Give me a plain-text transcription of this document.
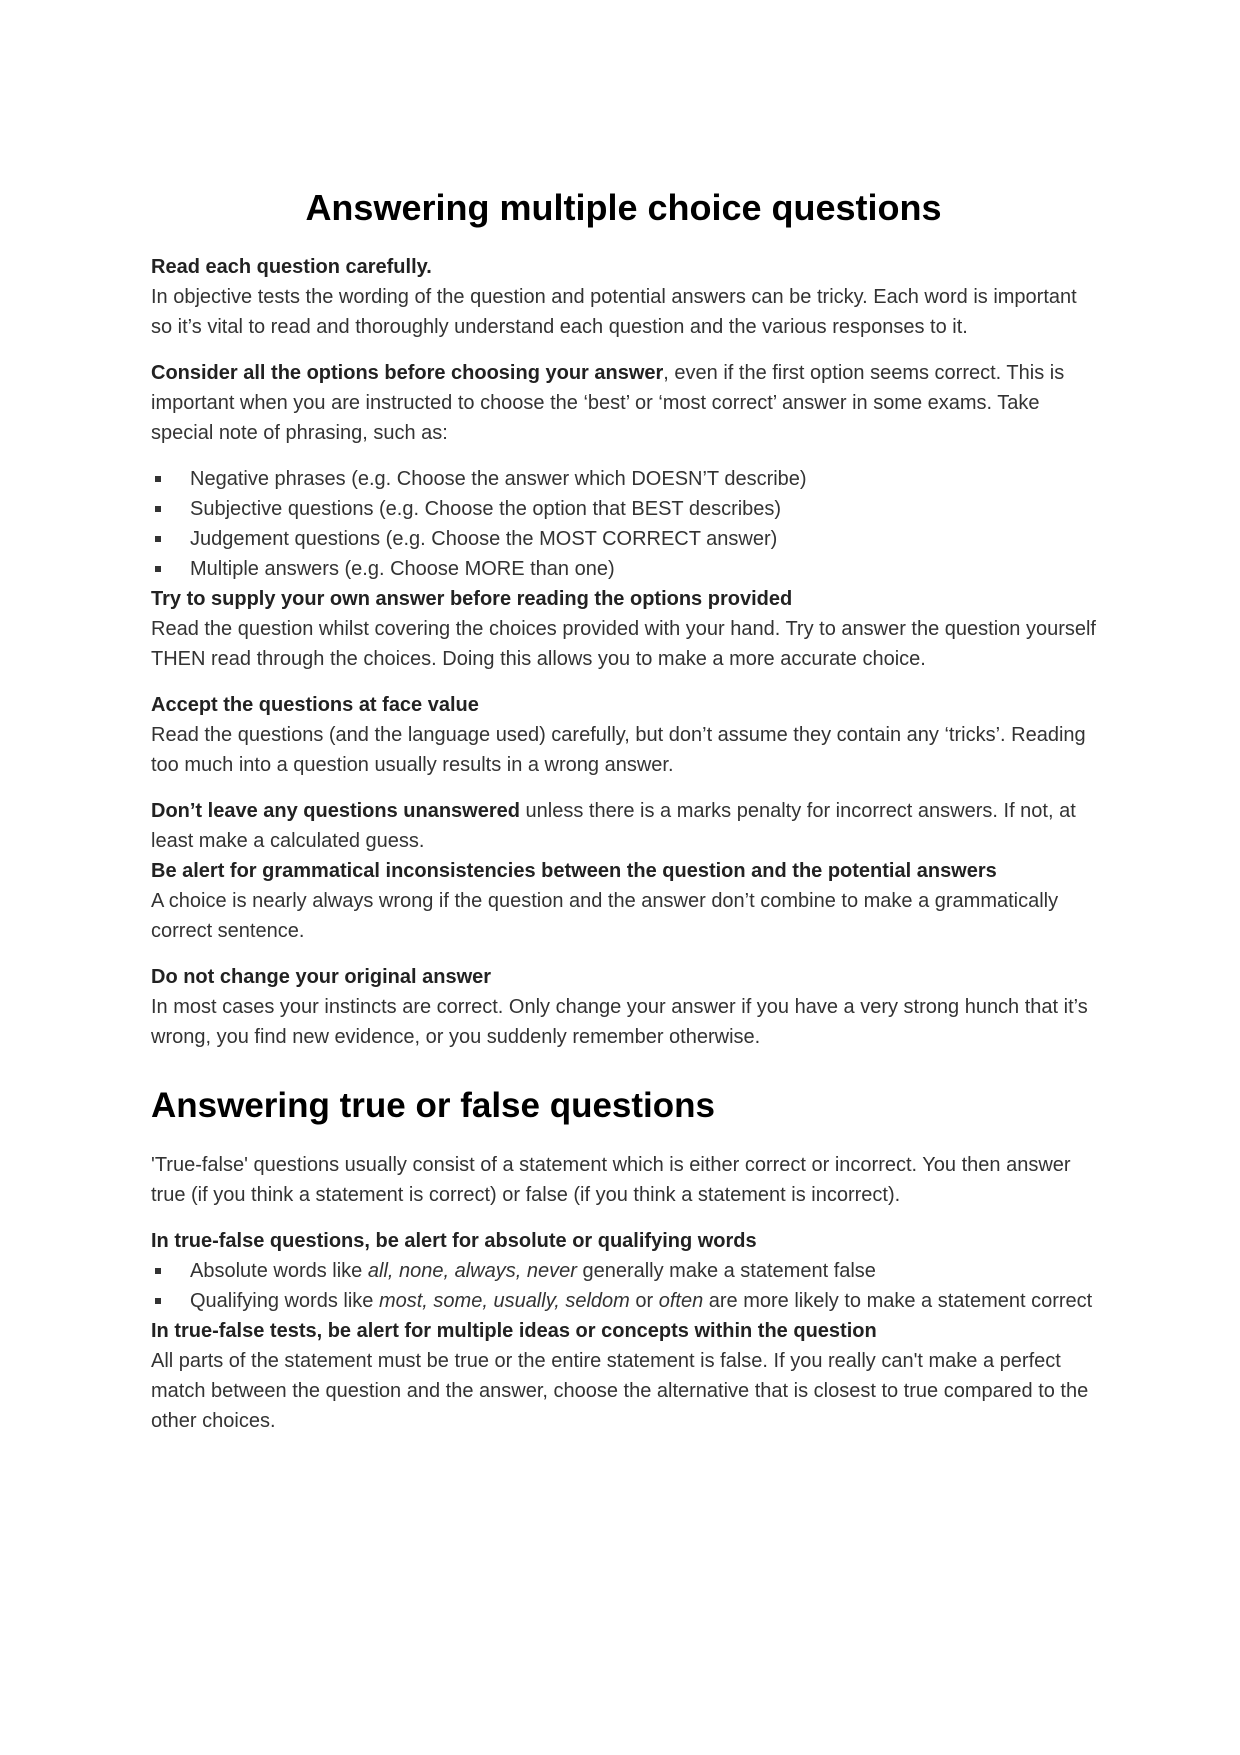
Answering multiple choice questions

Read each question carefully.

In objective tests the wording of the question and potential answers can be tricky. Each word is important so it’s vital to read and thoroughly understand each question and the various responses to it.

Consider all the options before choosing your answer, even if the first option seems correct. This is important when you are instructed to choose the ‘best’ or ‘most correct’ answer in some exams. Take special note of phrasing, such as:

Negative phrases (e.g. Choose the answer which DOESN’T describe)
Subjective questions (e.g. Choose the option that BEST describes)
Judgement questions (e.g. Choose the MOST CORRECT answer)
Multiple answers (e.g. Choose MORE than one)

Try to supply your own answer before reading the options provided

Read the question whilst covering the choices provided with your hand. Try to answer the question yourself THEN read through the choices. Doing this allows you to make a more accurate choice.

Accept the questions at face value

Read the questions (and the language used) carefully, but don’t assume they contain any ‘tricks’. Reading too much into a question usually results in a wrong answer.

Don’t leave any questions unanswered unless there is a marks penalty for incorrect answers. If not, at least make a calculated guess.

Be alert for grammatical inconsistencies between the question and the potential answers

A choice is nearly always wrong if the question and the answer don’t combine to make a grammatically correct sentence.

Do not change your original answer

In most cases your instincts are correct. Only change your answer if you have a very strong hunch that it’s wrong, you find new evidence, or you suddenly remember otherwise.

Answering true or false questions

'True-false' questions usually consist of a statement which is either correct or incorrect. You then answer true (if you think a statement is correct) or false (if you think a statement is incorrect).

In true-false questions, be alert for absolute or qualifying words

Absolute words like all, none, always, never generally make a statement false
Qualifying words like most, some, usually, seldom or often are more likely to make a statement correct

In true-false tests, be alert for multiple ideas or concepts within the question

All parts of the statement must be true or the entire statement is false. If you really can't make a perfect match between the question and the answer, choose the alternative that is closest to true compared to the other choices.
